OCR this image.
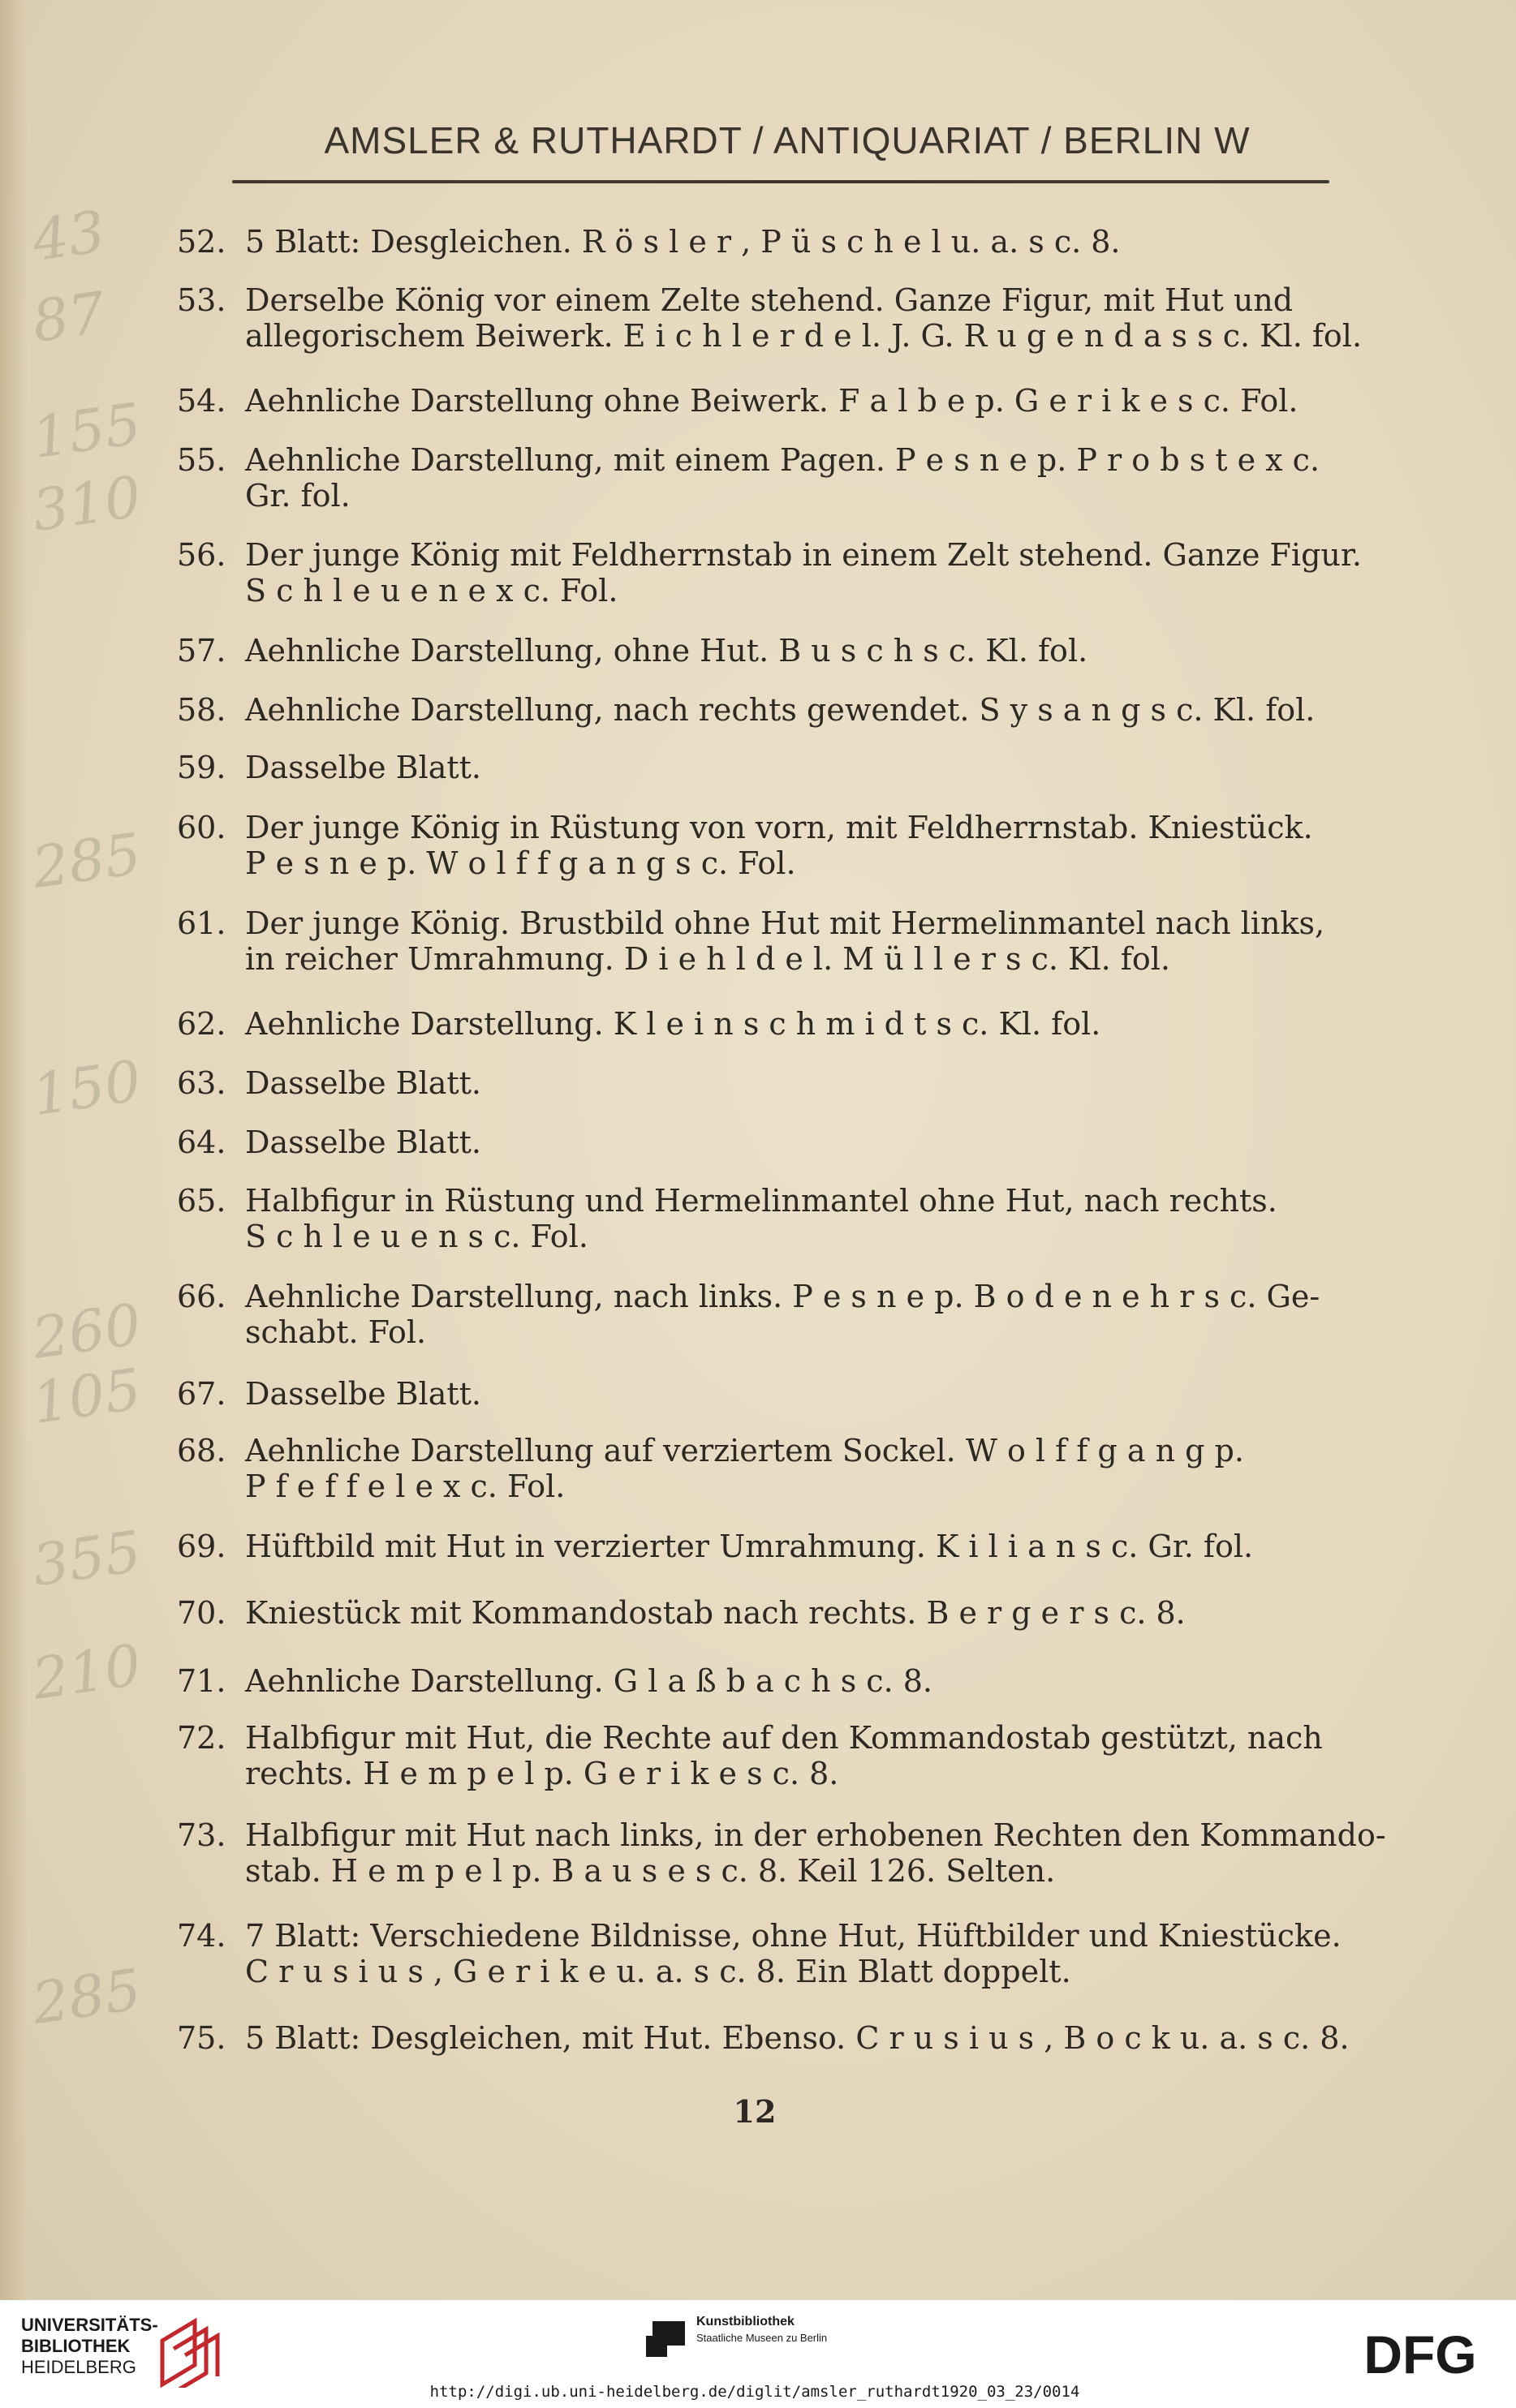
AMSLER & RUTHARDT / ANTIQUARIAT / BERLIN W
43
87
155
310
285
150
260
105
355
210
285
52. 5 Blatt: Desgleichen. R ö s l e r , P ü s c h e l u. a. s c. 8.
53. Derselbe König vor einem Zelte stehend. Ganze Figur, mit Hut und
allegorischem Beiwerk. E i c h l e r d e l. J. G. R u g e n d a s s c. Kl. fol.
54. Aehnliche Darstellung ohne Beiwerk. F a l b e p. G e r i k e s c. Fol.
55. Aehnliche Darstellung, mit einem Pagen. P e s n e p. P r o b s t e x c.
Gr. fol.
56. Der junge König mit Feldherrnstab in einem Zelt stehend. Ganze Figur.
S c h l e u e n e x c. Fol.
57. Aehnliche Darstellung, ohne Hut. B u s c h s c. Kl. fol.
58. Aehnliche Darstellung, nach rechts gewendet. S y s a n g s c. Kl. fol.
59. Dasselbe Blatt.
60. Der junge König in Rüstung von vorn, mit Feldherrnstab. Kniestück.
P e s n e p. W o l f f g a n g s c. Fol.
61. Der junge König. Brustbild ohne Hut mit Hermelinmantel nach links,
in reicher Umrahmung. D i e h l d e l. M ü l l e r s c. Kl. fol.
62. Aehnliche Darstellung. K l e i n s c h m i d t s c. Kl. fol.
63. Dasselbe Blatt.
64. Dasselbe Blatt.
65. Halbfigur in Rüstung und Hermelinmantel ohne Hut, nach rechts.
S c h l e u e n s c. Fol.
66. Aehnliche Darstellung, nach links. P e s n e p. B o d e n e h r s c. Ge-
schabt. Fol.
67. Dasselbe Blatt.
68. Aehnliche Darstellung auf verziertem Sockel. W o l f f g a n g p.
P f e f f e l e x c. Fol.
69. Hüftbild mit Hut in verzierter Umrahmung. K i l i a n s c. Gr. fol.
70. Kniestück mit Kommandostab nach rechts. B e r g e r s c. 8.
71. Aehnliche Darstellung. G l a ß b a c h s c. 8.
72. Halbfigur mit Hut, die Rechte auf den Kommandostab gestützt, nach
rechts. H e m p e l p. G e r i k e s c. 8.
73. Halbfigur mit Hut nach links, in der erhobenen Rechten den Kommando-
stab. H e m p e l p. B a u s e s c. 8. Keil 126. Selten.
74. 7 Blatt: Verschiedene Bildnisse, ohne Hut, Hüftbilder und Kniestücke.
C r u s i u s , G e r i k e u. a. s c. 8. Ein Blatt doppelt.
75. 5 Blatt: Desgleichen, mit Hut. Ebenso. C r u s i u s , B o c k u. a. s c. 8.
12
UNIVERSITÄTS-
BIBLIOTHEK
HEIDELBERG
Kunstbibliothek
Staatliche Museen zu Berlin	DFG
http://digi.ub.uni-heidelberg.de/diglit/amsler_ruthardt1920_03_23/0014
